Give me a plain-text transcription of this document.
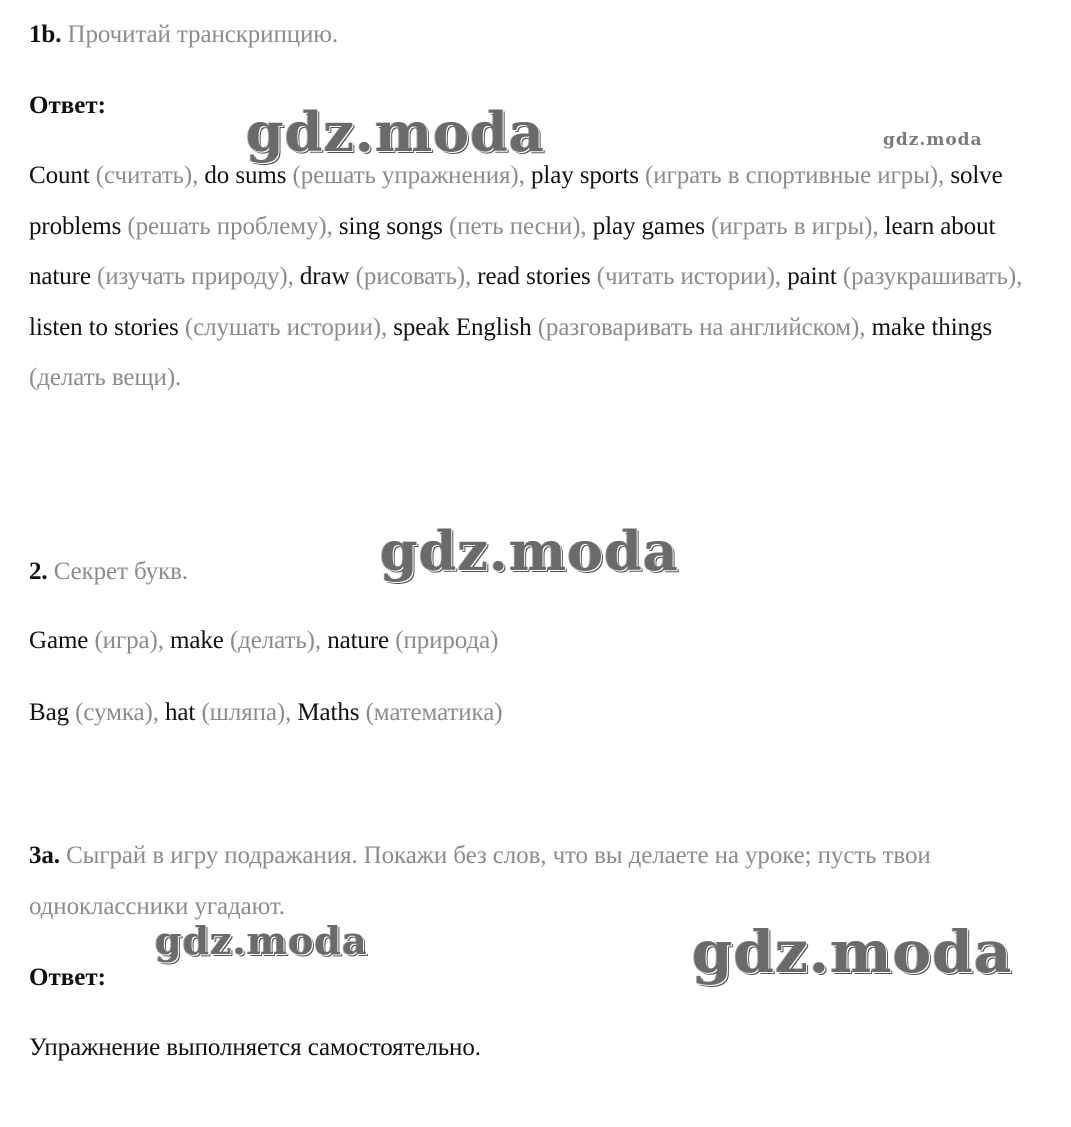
1b. Прочитай транскрипцию.
Ответ:
Count (считать), do sums (решать упражнения), play sports (играть в спортивные игры), solve problems (решать проблему), sing songs (петь песни), play games (играть в игры), learn about nature (изучать природу), draw (рисовать), read stories (читать истории), paint (разукрашивать), listen to stories (слушать истории), speak English (разговаривать на английском), make things (делать вещи).
2. Секрет букв.
Game (игра), make (делать), nature (природа)
Bag (сумка), hat (шляпа), Maths (математика)
3a. Сыграй в игру подражания. Покажи без слов, что вы делаете на уроке; пусть твои одноклассники угадают.
Ответ:
Упражнение выполняется самостоятельно.
gdz.moda	gdz.moda
gdz.moda
gdz.moda	gdz.moda
